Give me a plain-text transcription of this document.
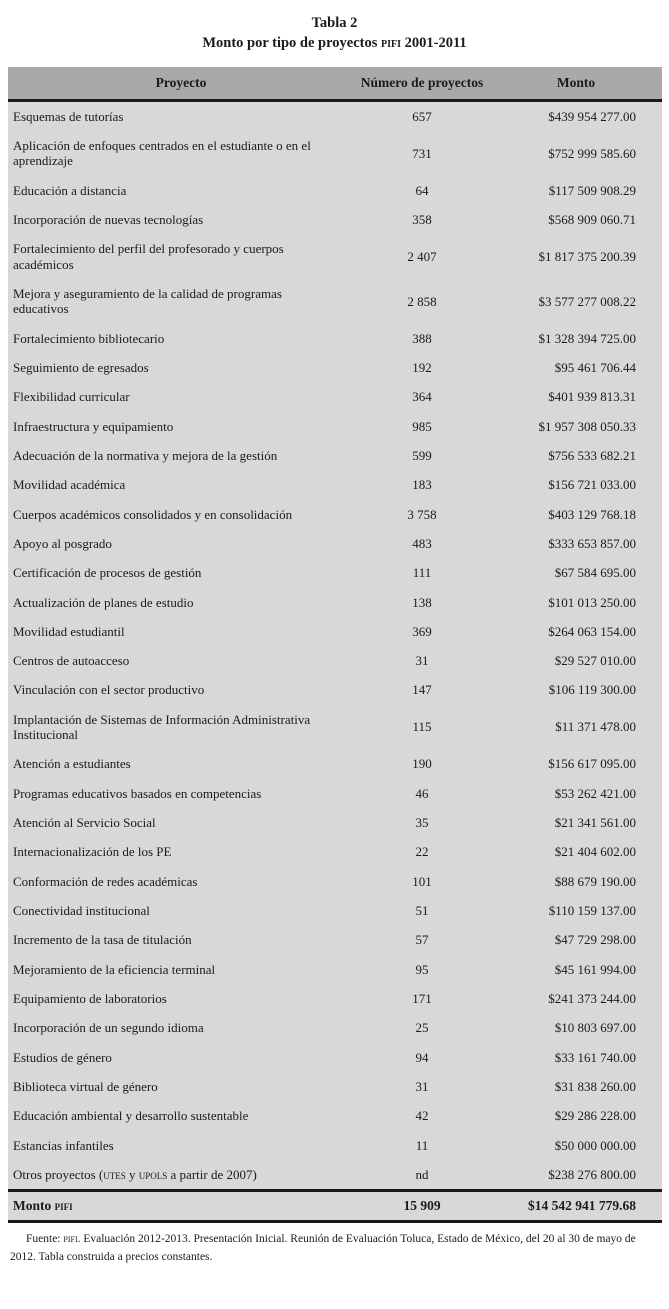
Tabla 2
Monto por tipo de proyectos pifi 2001-2011
Proyecto	Número de proyectos	Monto
Esquemas de tutorías	657	$439 954 277.00
Aplicación de enfoques centrados en el estudiante o en el aprendizaje	731	$752 999 585.60
Educación a distancia	64	$117 509 908.29
Incorporación de nuevas tecnologías	358	$568 909 060.71
Fortalecimiento del perfil del profesorado y cuerpos académicos	2 407	$1 817 375 200.39
Mejora y aseguramiento de la calidad de programas educativos	2 858	$3 577 277 008.22
Fortalecimiento bibliotecario	388	$1 328 394 725.00
Seguimiento de egresados	192	$95 461 706.44
Flexibilidad curricular	364	$401 939 813.31
Infraestructura y equipamiento	985	$1 957 308 050.33
Adecuación de la normativa y mejora de la gestión	599	$756 533 682.21
Movilidad académica	183	$156 721 033.00
Cuerpos académicos consolidados y en consolidación	3 758	$403 129 768.18
Apoyo al posgrado	483	$333 653 857.00
Certificación de procesos de gestión	111	$67 584 695.00
Actualización de planes de estudio	138	$101 013 250.00
Movilidad estudiantil	369	$264 063 154.00
Centros de autoacceso	31	$29 527 010.00
Vinculación con el sector productivo	147	$106 119 300.00
Implantación de Sistemas de Información Administrativa Institucional	115	$11 371 478.00
Atención a estudiantes	190	$156 617 095.00
Programas educativos basados en competencias	46	$53 262 421.00
Atención al Servicio Social	35	$21 341 561.00
Internacionalización de los PE	22	$21 404 602.00
Conformación de redes académicas	101	$88 679 190.00
Conectividad institucional	51	$110 159 137.00
Incremento de la tasa de titulación	57	$47 729 298.00
Mejoramiento de la eficiencia terminal	95	$45 161 994.00
Equipamiento de laboratorios	171	$241 373 244.00
Incorporación de un segundo idioma	25	$10 803 697.00
Estudios de género	94	$33 161 740.00
Biblioteca virtual de género	31	$31 838 260.00
Educación ambiental y desarrollo sustentable	42	$29 286 228.00
Estancias infantiles	11	$50 000 000.00
Otros proyectos (utes y upols a partir de 2007)	nd	$238 276 800.00
Monto pifi	15 909	$14 542 941 779.68

Fuente: pifi. Evaluación 2012-2013. Presentación Inicial. Reunión de Evaluación Toluca, Estado de México, del 20 al 30 de mayo de 2012. Tabla construida a precios constantes.
